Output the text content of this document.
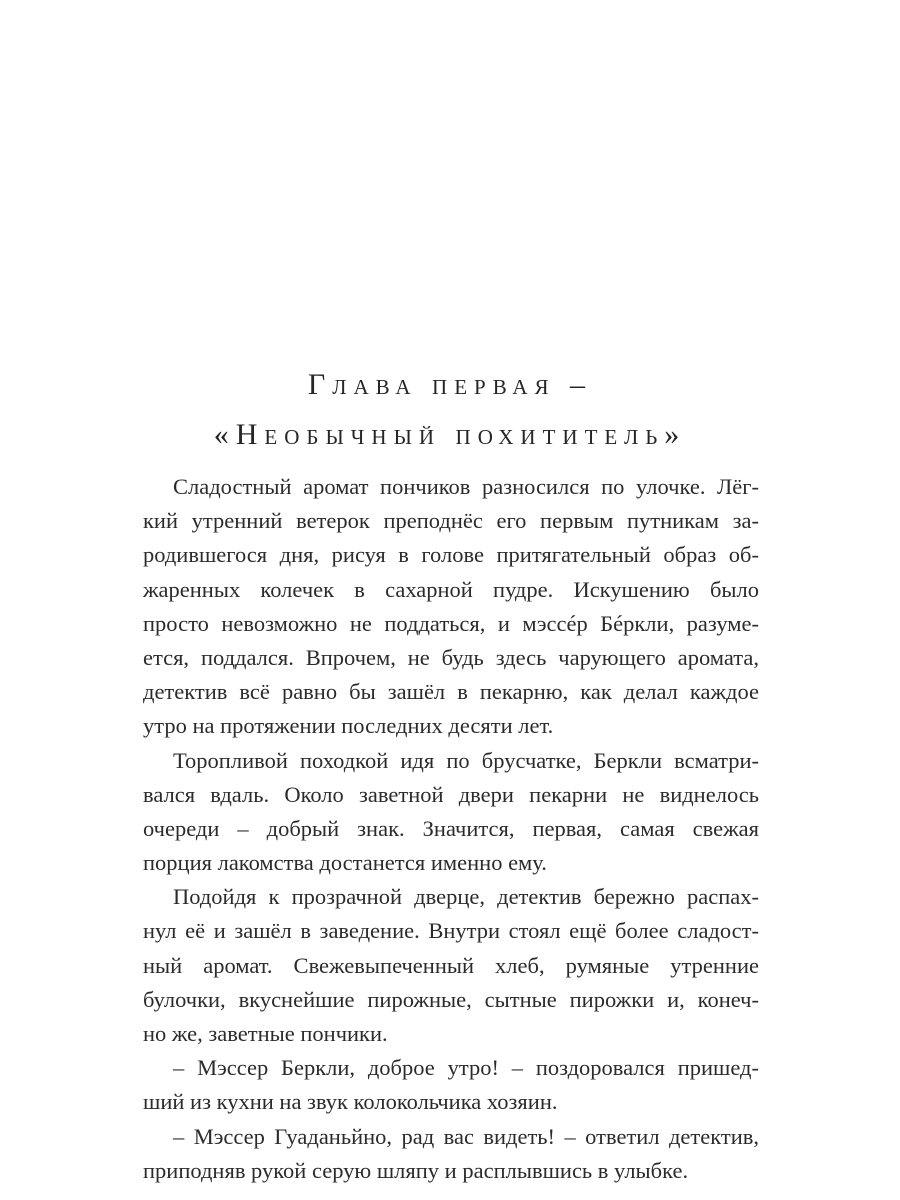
Глава первая –
«Необычный похититель»
Сладостный аромат пончиков разносился по улочке. Лёг-
кий утренний ветерок преподнёс его первым путникам за-
родившегося дня, рисуя в голове притягательный образ об-
жаренных колечек в сахарной пудре. Искушению было
просто невозможно не поддаться, и мэссéр Бéркли, разуме-
ется, поддался. Впрочем, не будь здесь чарующего аромата,
детектив всё равно бы зашёл в пекарню, как делал каждое
утро на протяжении последних десяти лет.
Торопливой походкой идя по брусчатке, Беркли всматри-
вался вдаль. Около заветной двери пекарни не виднелось
очереди – добрый знак. Значится, первая, самая свежая
порция лакомства достанется именно ему.
Подойдя к прозрачной дверце, детектив бережно распах-
нул её и зашёл в заведение. Внутри стоял ещё более сладост-
ный аромат. Свежевыпеченный хлеб, румяные утренние
булочки, вкуснейшие пирожные, сытные пирожки и, конеч-
но же, заветные пончики.
– Мэссер Беркли, доброе утро! – поздоровался пришед-
ший из кухни на звук колокольчика хозяин.
– Мэссер Гуаданьйно, рад вас видеть! – ответил детектив,
приподняв рукой серую шляпу и расплывшись в улыбке.
